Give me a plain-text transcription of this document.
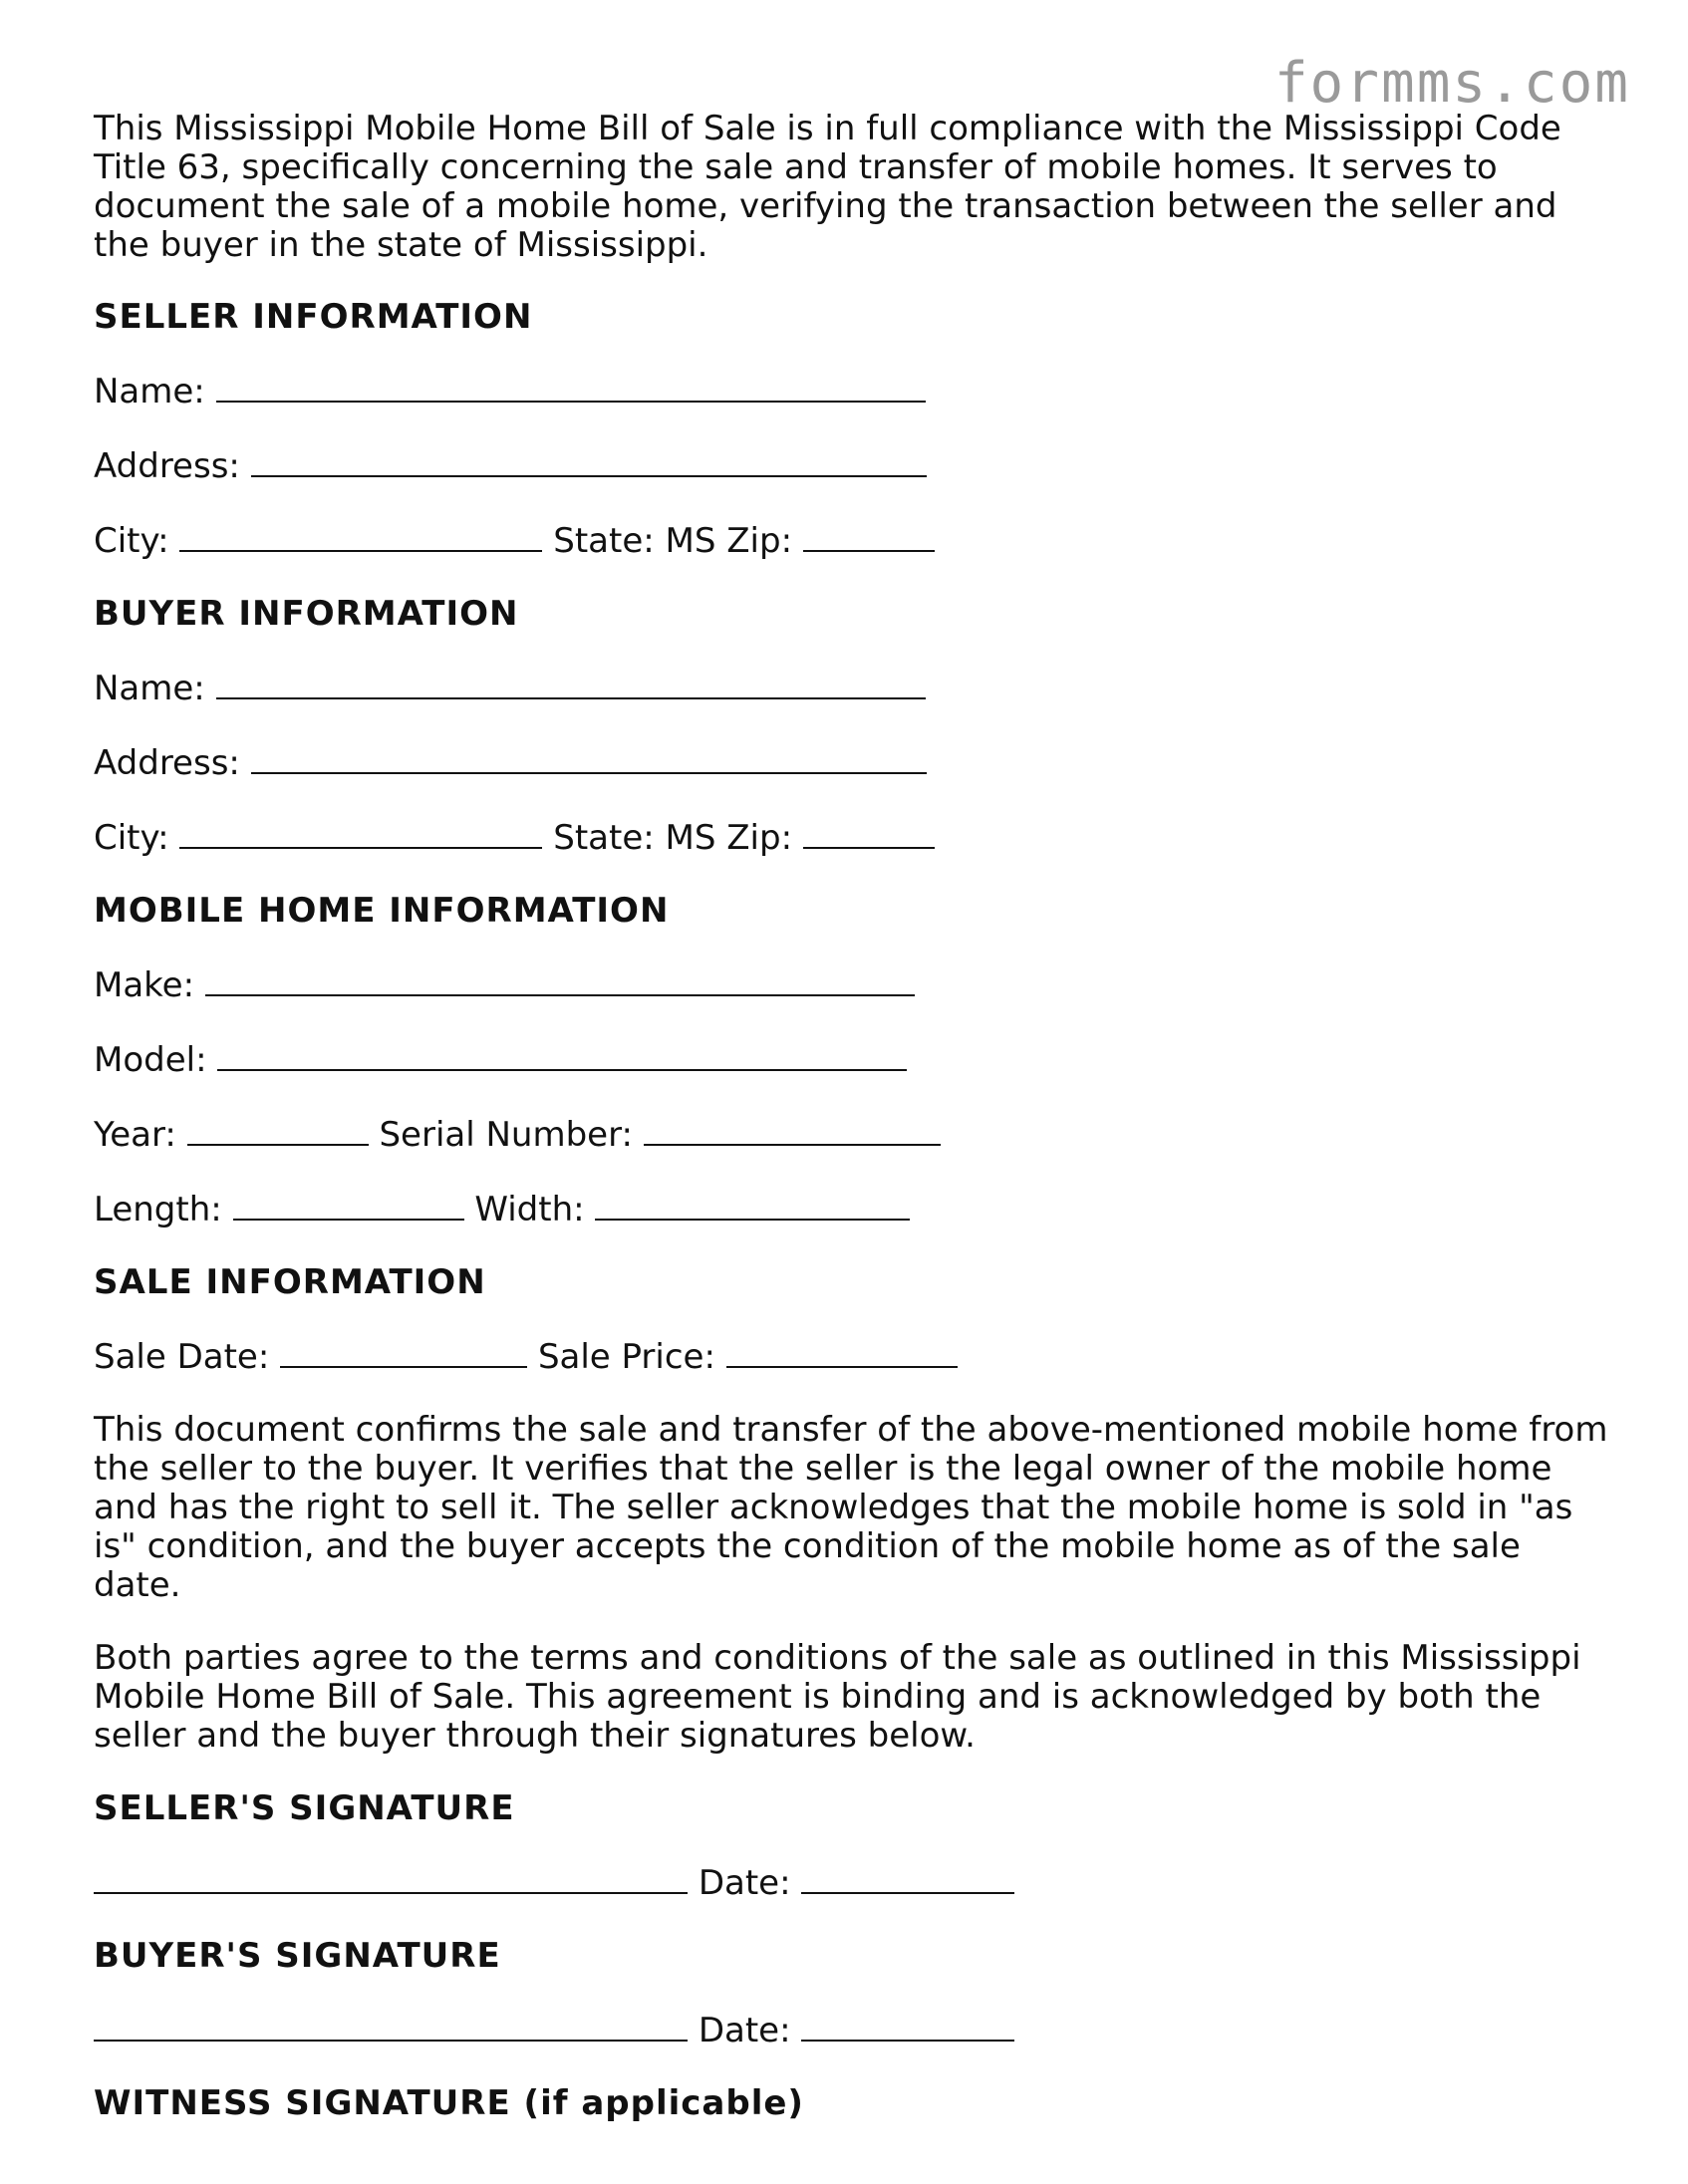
formms.com

This Mississippi Mobile Home Bill of Sale is in full compliance with the Mississippi Code Title 63, specifically concerning the sale and transfer of mobile homes. It serves to document the sale of a mobile home, verifying the transaction between the seller and the buyer in the state of Mississippi.

SELLER INFORMATION

Name:

Address:

City:	State: MS Zip:

BUYER INFORMATION

Name:

Address:

City:	State: MS Zip:

MOBILE HOME INFORMATION

Make:

Model:

Year:	Serial Number:

Length:	Width:

SALE INFORMATION

Sale Date:	Sale Price:

This document confirms the sale and transfer of the above-mentioned mobile home from the seller to the buyer. It verifies that the seller is the legal owner of the mobile home and has the right to sell it. The seller acknowledges that the mobile home is sold in "as is" condition, and the buyer accepts the condition of the mobile home as of the sale date.

Both parties agree to the terms and conditions of the sale as outlined in this Mississippi Mobile Home Bill of Sale. This agreement is binding and is acknowledged by both the seller and the buyer through their signatures below.

SELLER'S SIGNATURE

Date:

BUYER'S SIGNATURE

Date:

WITNESS SIGNATURE (if applicable)
